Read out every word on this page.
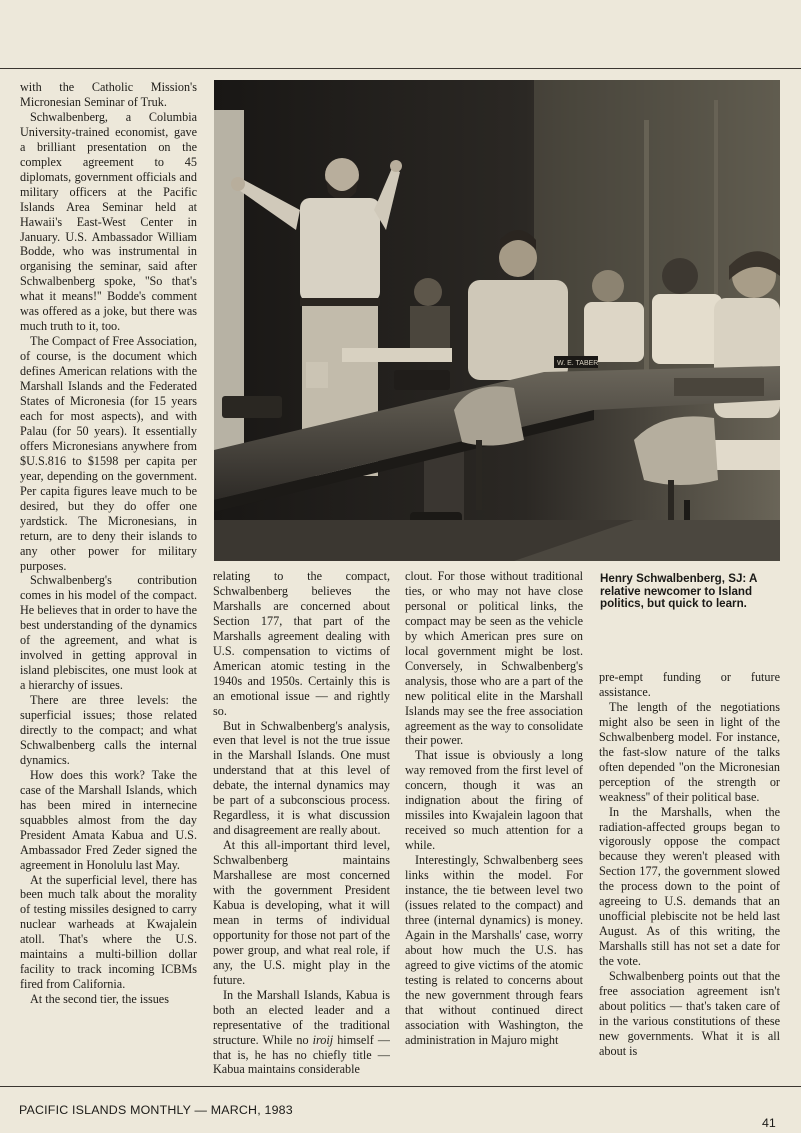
with the Catholic Mission's Micronesian Seminar of Truk.

Schwalbenberg, a Columbia University-trained economist, gave a brilliant presentation on the complex agreement to 45 diplomats, government officials and military officers at the Pacific Islands Area Seminar held at Hawaii's East-West Center in January. U.S. Ambassador William Bodde, who was instrumental in organising the seminar, said after Schwalbenberg spoke, ''So that's what it means!'' Bodde's comment was offered as a joke, but there was much truth to it, too.

The Compact of Free Association, of course, is the document which defines American relations with the Marshall Islands and the Federated States of Micronesia (for 15 years each for most aspects), and with Palau (for 50 years). It essentially offers Micronesians anywhere from $U.S.816 to $1598 per capita per year, depending on the government. Per capita figures leave much to be desired, but they do offer one yardstick. The Micronesians, in return, are to deny their islands to any other power for military purposes.

Schwalbenberg's contribution comes in his model of the compact. He believes that in order to have the best understanding of the dynamics of the agreement, and what is involved in getting approval in island plebiscites, one must look at a hierarchy of issues.

There are three levels: the superficial issues; those related directly to the compact; and what Schwalbenberg calls the internal dynamics.

How does this work? Take the case of the Marshall Islands, which has been mired in internecine squabbles almost from the day President Amata Kabua and U.S. Ambassador Fred Zeder signed the agreement in Honolulu last May.

At the superficial level, there has been much talk about the morality of testing missiles designed to carry nuclear warheads at Kwajalein atoll. That's where the U.S. maintains a multi-billion dollar facility to track incoming ICBMs fired from California.

At the second tier, the issues

W. E. TABER

relating to the compact, Schwalbenberg believes the Marshalls are concerned about Section 177, that part of the Marshalls agreement dealing with U.S. compensation to victims of American atomic testing in the 1940s and 1950s. Certainly this is an emotional issue — and rightly so.

But in Schwalbenberg's analysis, even that level is not the true issue in the Marshall Islands. One must understand that at this level of debate, the internal dynamics may be part of a subconscious process. Regardless, it is what discussion and disagreement are really about.

At this all-important third level, Schwalbenberg maintains Marshallese are most concerned with the government President Kabua is developing, what it will mean in terms of individual opportunity for those not part of the power group, and what real role, if any, the U.S. might play in the future.

In the Marshall Islands, Kabua is both an elected leader and a representative of the traditional structure. While no iroij himself — that is, he has no chiefly title — Kabua maintains considerable

clout. For those without traditional ties, or who may not have close personal or political links, the compact may be seen as the vehicle by which American pres sure on local government might be lost. Conversely, in Schwalbenberg's analysis, those who are a part of the new political elite in the Marshall Islands may see the free association agreement as the way to consolidate their power.

That issue is obviously a long way removed from the first level of concern, though it was an indignation about the firing of missiles into Kwajalein lagoon that received so much attention for a while.

Interestingly, Schwalbenberg sees links within the model. For instance, the tie between level two (issues related to the compact) and three (internal dynamics) is money. Again in the Marshalls' case, worry about how much the U.S. has agreed to give victims of the atomic testing is related to concerns about the new government through fears that without continued direct association with Washington, the administration in Majuro might

Henry Schwalbenberg, SJ: A relative newcomer to Island politics, but quick to learn.

pre-empt funding or future assistance.

The length of the negotiations might also be seen in light of the Schwalbenberg model. For instance, the fast-slow nature of the talks often depended ''on the Micronesian perception of the strength or weakness'' of their political base.

In the Marshalls, when the radiation-affected groups began to vigorously oppose the compact because they weren't pleased with Section 177, the government slowed the process down to the point of agreeing to U.S. demands that an unofficial plebiscite not be held last August. As of this writing, the Marshalls still has not set a date for the vote.

Schwalbenberg points out that the free association agreement isn't about politics — that's taken care of in the various constitutions of these new governments. What it is all about is

PACIFIC ISLANDS MONTHLY — MARCH, 1983
41
